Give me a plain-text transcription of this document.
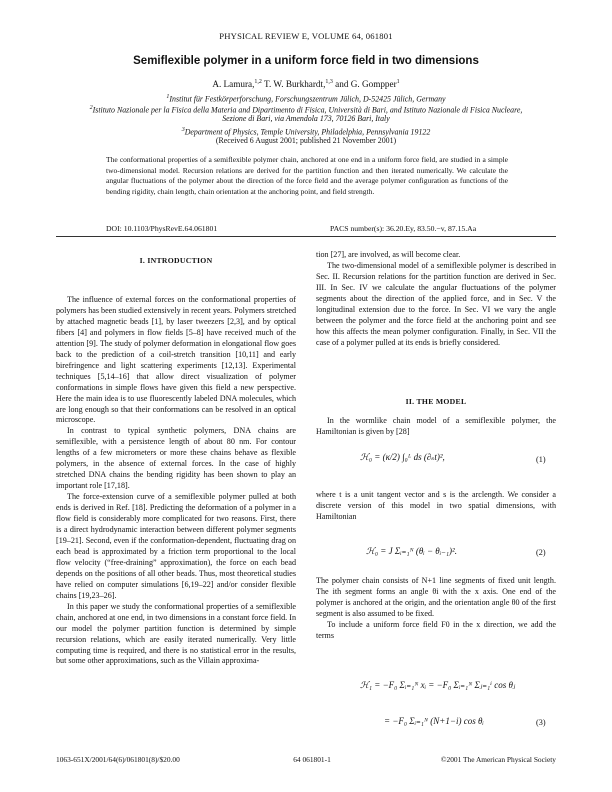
PHYSICAL REVIEW E, VOLUME 64, 061801
Semiflexible polymer in a uniform force field in two dimensions
A. Lamura,$^{1,2}$ T. W. Burkhardt,$^{1,3}$ and G. Gompper$^1$
$^1$Institut für Festkörperforschung, Forschungszentrum Jülich, D-52425 Jülich, Germany
$^2$Istituto Nazionale per la Fisica della Materia and Dipartimento di Fisica, Università di Bari, and Istituto Nazionale di Fisica Nucleare,
Sezione di Bari, via Amendola 173, 70126 Bari, Italy
$^3$Department of Physics, Temple University, Philadelphia, Pennsylvania 19122
(Received 6 August 2001; published 21 November 2001)
The conformational properties of a semiflexible polymer chain, anchored at one end in a uniform force field, are studied in a simple two-dimensional model. Recursion relations are derived for the partition function and then iterated numerically. We calculate the angular fluctuations of the polymer about the direction of the force field and the average polymer configuration as functions of the bending rigidity, chain length, chain orientation at the anchoring point, and field strength.
DOI: 10.1103/PhysRevE.64.061801	PACS number(s): 36.20.Ey, 83.50.−v, 87.15.Aa
I. INTRODUCTION

The influence of external forces on the conformational properties of polymers has been studied extensively in recent years. Polymers stretched by attached magnetic beads [1], by laser tweezers [2,3], and by optical fibers [4] and polymers in flow fields [5–8] have received much of the attention [9]. The study of polymer deformation in elongational flow goes back to the prediction of a coil-stretch transition [10,11] and early birefringence and light scattering experiments [12,13]. Experimental techniques [5,14–16] that allow direct visualization of polymer conformations in simple flows have given this field a new perspective. Here the main idea is to use fluorescently labeled DNA molecules, which are long enough so that their conformations can be resolved in an optical microscope.

In contrast to typical synthetic polymers, DNA chains are semiflexible, with a persistence length of about 80 nm. For contour lengths of a few micrometers or more these chains behave as flexible polymers, in the absence of external forces. In the case of highly stretched DNA chains the bending rigidity has been shown to play an important role [17,18].

The force-extension curve of a semiflexible polymer pulled at both ends is derived in Ref. [18]. Predicting the deformation of a polymer in a flow field is considerably more complicated for two reasons. First, there is a direct hydrodynamic interaction between different polymer segments [19–21]. Second, even if the conformation-dependent, fluctuating drag on each bead is approximated by a friction term proportional to the local flow velocity (“free-draining” approximation), the force on each bead depends on the positions of all other beads. Thus, most theoretical studies have relied on computer simulations [6,19–22] and/or consider flexible chains [19,23–26].

In this paper we study the conformational properties of a semiflexible chain, anchored at one end, in two dimensions in a constant force field. In our model the polymer partition function is determined by simple recursion relations, which are easily iterated numerically. Very little computing time is required, and there is no statistical error in the results, but some other approximations, such as the Villain approxima-

tion [27], are involved, as will become clear.

The two-dimensional model of a semiflexible polymer is described in Sec. II. Recursion relations for the partition function are derived in Sec. III. In Sec. IV we calculate the angular fluctuations of the polymer segments about the direction of the applied force, and in Sec. V the longitudinal extension due to the force. In Sec. VI we vary the angle between the polymer and the force field at the anchoring point and see how this affects the mean polymer configuration. Finally, in Sec. VII the case of a polymer pulled at its ends is briefly considered.

II. THE MODEL

In the wormlike chain model of a semiflexible polymer, the Hamiltonian is given by [28]

ℋ₀ = (κ/2) ∫₀ᴸ ds (∂ₛt)²,	(1)

where t is a unit tangent vector and s is the arclength. We consider a discrete version of this model in two spatial dimensions, with Hamiltonian

ℋ₀ = J Σᵢ₌₁ᴺ (θᵢ − θᵢ₋₁)².	(2)

The polymer chain consists of N+1 line segments of fixed unit length. The ith segment forms an angle θi with the x axis. One end of the polymer is anchored at the origin, and the orientation angle θ0 of the first segment is also assumed to be fixed.

To include a uniform force field F0 in the x direction, we add the terms

ℋ₁ = −F₀ Σᵢ₌₁ᴺ xᵢ = −F₀ Σᵢ₌₁ᴺ Σⱼ₌₁ⁱ cos θⱼ
= −F₀ Σᵢ₌₁ᴺ (N+1−i) cos θᵢ	(3)
1063-651X/2001/64(6)/061801(8)/$20.00	64 061801-1	©2001 The American Physical Society
